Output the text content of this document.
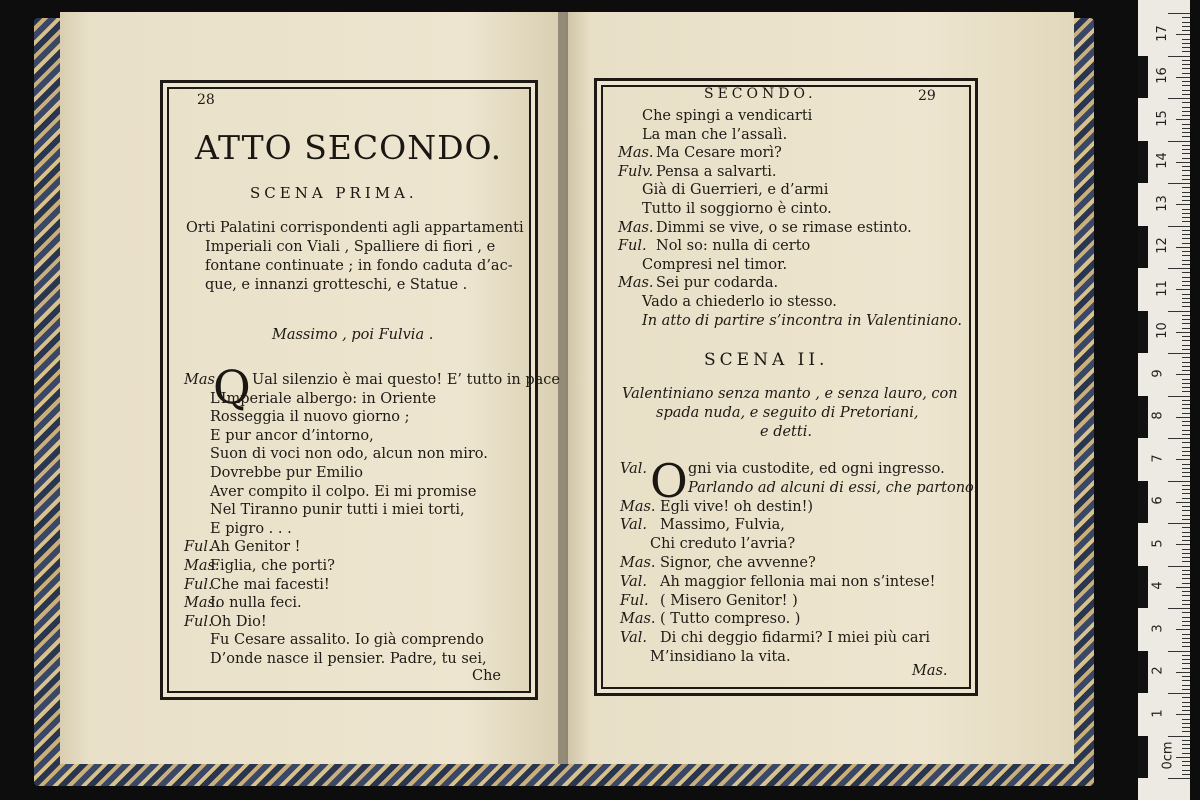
28
ATTO SECONDO.
SCENA PRIMA.
Orti Palatini corrispondenti agli appartamenti
Imperiali con Viali , Spalliere di fiori , e
fontane continuate ; in fondo caduta d’ac-
que, e innanzi grotteschi, e Statue .
Massimo , poi Fulvia .
Q
Mas. Ual silenzio è mai questo! E’ tutto in pace
L’Imperiale albergo: in Oriente
Rosseggia il nuovo giorno ;
E pur ancor d’intorno,
Suon di voci non odo, alcun non miro.
Dovrebbe pur Emilio
Aver compito il colpo. Ei mi promise
Nel Tiranno punir tutti i miei torti,
E pigro . . .
Ful.
Ah Genitor !
Mas.
Figlia, che porti?
Ful.
Che mai facesti!
Mas.
Io nulla feci.
Ful.
Oh Dio!
Fu Cesare assalito. Io già comprendo
D’onde nasce il pensier. Padre, tu sei,
Che
SECONDO.	29
Che spingi a vendicarti
La man che l’assalì.
Mas. Ma Cesare morì?
Fulv. Pensa a salvarti.
Già di Guerrieri, e d’armi
Tutto il soggiorno è cinto.
Mas. Dimmi se vive, o se rimase estinto.
Ful. Nol so: nulla di certo
Compresi nel timor.
Mas. Sei pur codarda.
Vado a chiederlo io stesso.
In atto di partire s’incontra in Valentiniano.
SCENA II.
Valentiniano senza manto , e senza lauro, con
spada nuda, e seguito di Pretoriani,
e detti.
O
Val.	gni via custodite, ed ogni ingresso.
Parlando ad alcuni di essi, che partono.
Mas. Egli vive! oh destin!)
Val. Massimo, Fulvia,
Chi creduto l’avria?
Mas. Signor, che avvenne?
Val. Ah maggior fellonia mai non s’intese!
Ful. ( Misero Genitor! )
Mas. ( Tutto compreso. )
Val. Di chi deggio fidarmi? I miei più cari
M’insidiano la vita.
Mas.
0cm
1
2
3
4
5
6
7
8
9
10
11
12
13
14
15
16
17
